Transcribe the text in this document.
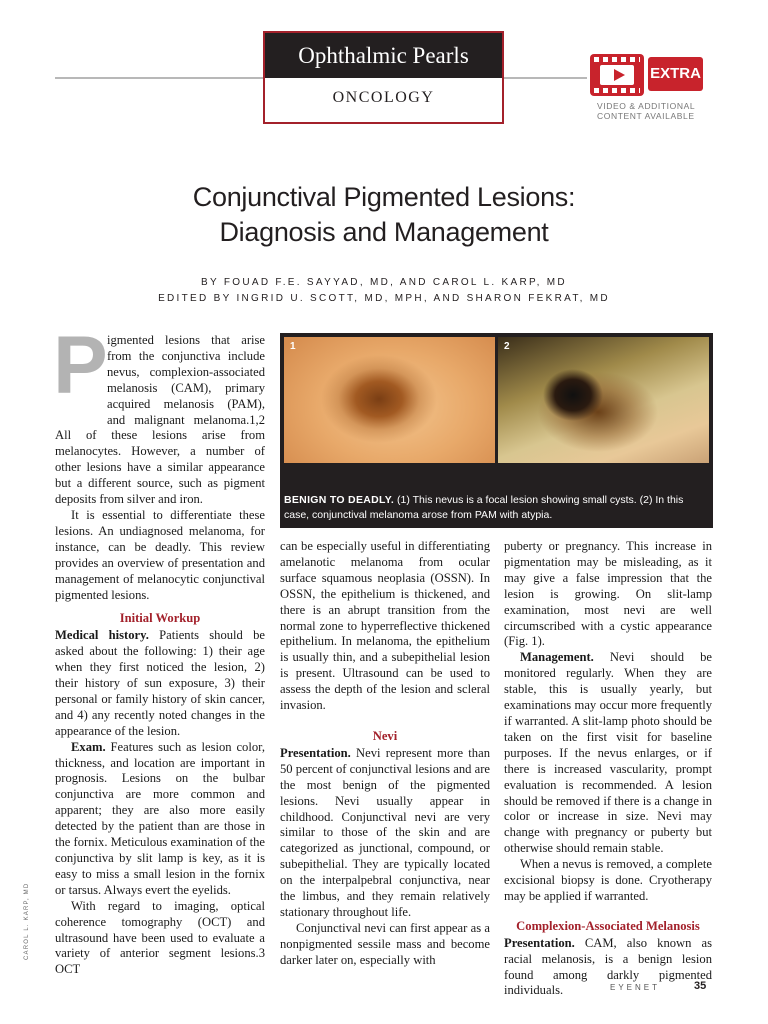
Ophthalmic Pearls
ONCOLOGY
EXTRA
VIDEO & ADDITIONAL CONTENT AVAILABLE
Conjunctival Pigmented Lesions:
Diagnosis and Management
BY FOUAD F.E. SAYYAD, MD, AND CAROL L. KARP, MD
EDITED BY INGRID U. SCOTT, MD, MPH, AND SHARON FEKRAT, MD
1	2
BENIGN TO DEADLY. (1) This nevus is a focal lesion showing small cysts. (2) In this case, conjunctival melanoma arose from PAM with atypia.

Pigmented lesions that arise from the conjunctiva include nevus, complexion-associated melanosis (CAM), primary acquired melanosis (PAM), and malignant melanoma.1,2 All of these lesions arise from melanocytes. However, a number of other lesions have a similar appearance but a different source, such as pigment deposits from silver and iron.

It is essential to differentiate these lesions. An undiagnosed melanoma, for instance, can be deadly. This review provides an overview of presentation and management of melanocytic conjunctival pigmented lesions.

Initial Workup

Medical history. Patients should be asked about the following: 1) their age when they first noticed the lesion, 2) their history of sun exposure, 3) their personal or family history of skin cancer, and 4) any recently noted changes in the appearance of the lesion.

Exam. Features such as lesion color, thickness, and location are important in prognosis. Lesions on the bulbar conjunctiva are more common and apparent; they are also more easily detected by the patient than are those in the fornix. Meticulous examination of the conjunctiva by slit lamp is key, as it is easy to miss a small lesion in the fornix or tarsus. Always evert the eyelids.

With regard to imaging, optical coherence tomography (OCT) and ultrasound have been used to evaluate a variety of anterior segment lesions.3 OCT

can be especially useful in differentiating amelanotic melanoma from ocular surface squamous neoplasia (OSSN). In OSSN, the epithelium is thickened, and there is an abrupt transition from the normal zone to hyperreflective thickened epithelium. In melanoma, the epithelium is usually thin, and a subepithelial lesion is present. Ultrasound can be used to assess the depth of the lesion and scleral invasion.

Nevi

Presentation. Nevi represent more than 50 percent of conjunctival lesions and are the most benign of the pigmented lesions. Nevi usually appear in childhood. Conjunctival nevi are very similar to those of the skin and are categorized as junctional, compound, or subepithelial. They are typically located on the interpalpebral conjunctiva, near the limbus, and they remain relatively stationary throughout life.

Conjunctival nevi can first appear as a nonpigmented sessile mass and become darker later on, especially with

puberty or pregnancy. This increase in pigmentation may be misleading, as it may give a false impression that the lesion is growing. On slit-lamp examination, most nevi are well circumscribed with a cystic appearance (Fig. 1).

Management. Nevi should be monitored regularly. When they are stable, this is usually yearly, but examinations may occur more frequently if warranted. A slit-lamp photo should be taken on the first visit for baseline purposes. If the nevus enlarges, or if there is increased vascularity, prompt evaluation is recommended. A lesion should be removed if there is a change in color or increase in size. Nevi may change with pregnancy or puberty but otherwise should remain stable.

When a nevus is removed, a complete excisional biopsy is done. Cryotherapy may be applied if warranted.

Complexion-Associated Melanosis

Presentation. CAM, also known as racial melanosis, is a benign lesion found among darkly pigmented individuals.

CAROL L. KARP, MD
EYENET	35
